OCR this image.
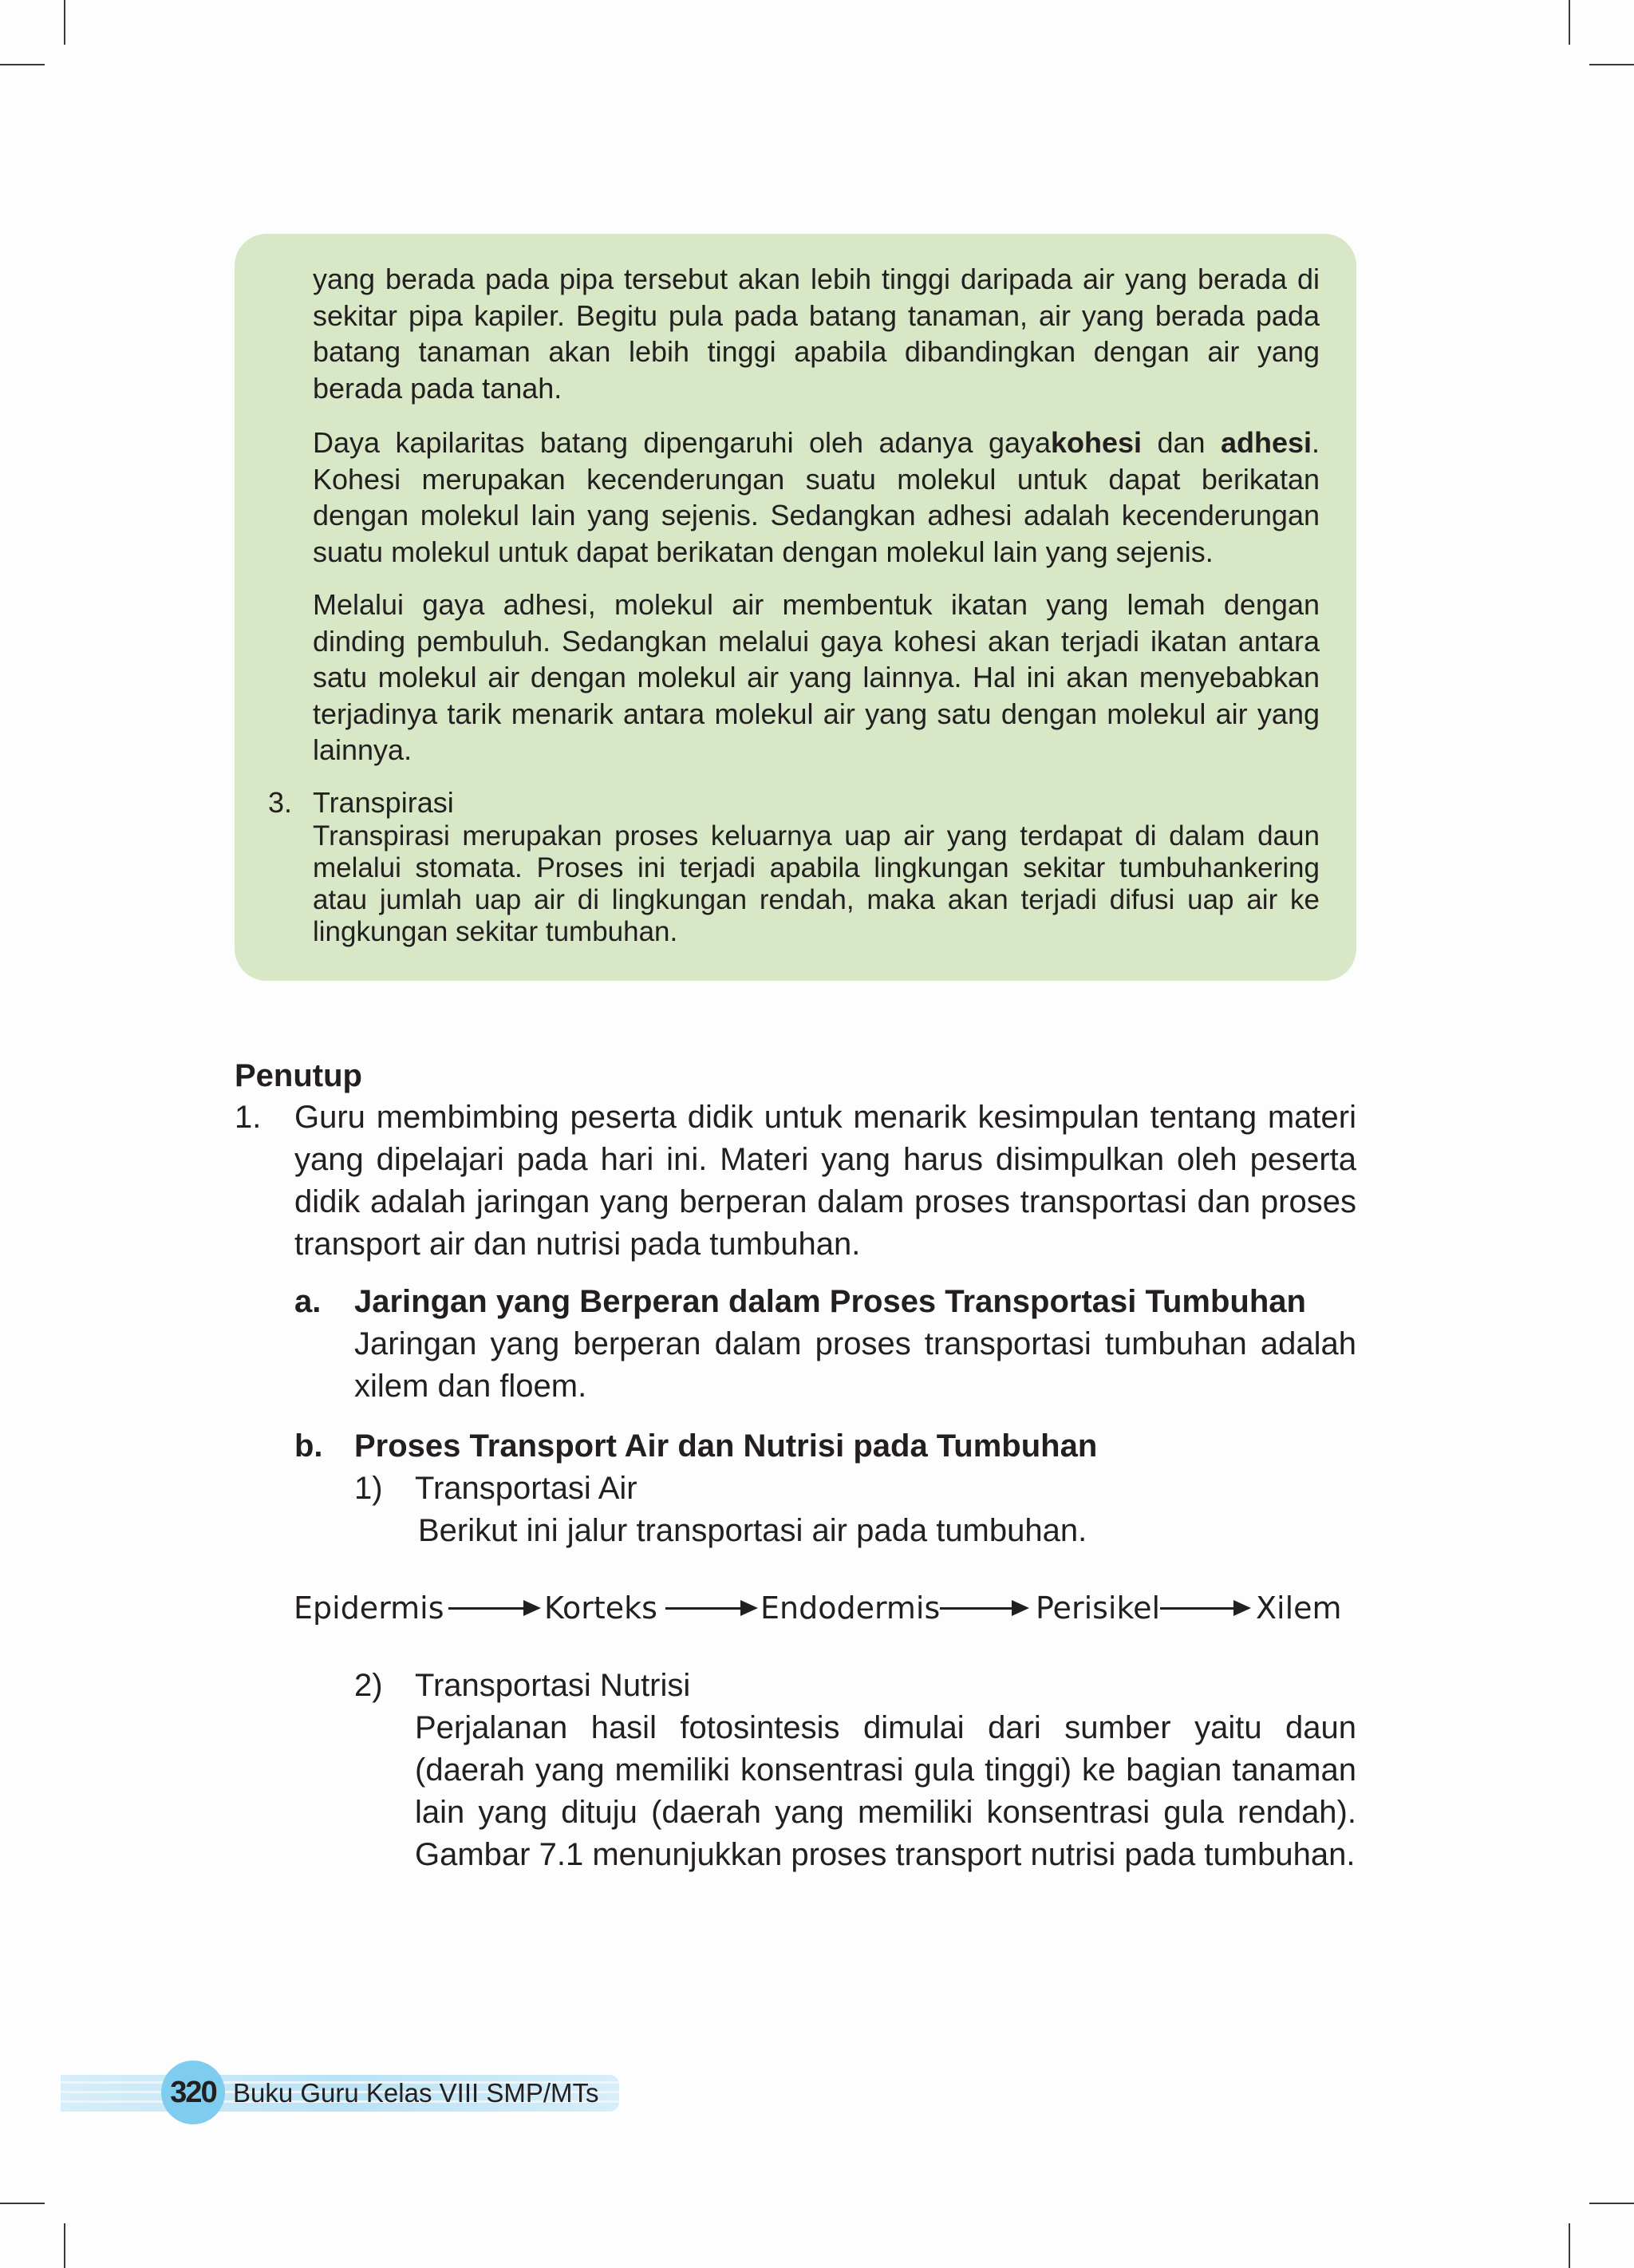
yang berada pada pipa tersebut akan lebih tinggi daripada air yang berada di sekitar pipa kapiler. Begitu pula pada batang tanaman, air yang berada pada batang tanaman akan lebih tinggi apabila dibandingkan dengan air yang berada pada tanah.

Daya kapilaritas batang dipengaruhi oleh adanya gayakohesi dan adhesi. Kohesi merupakan kecenderungan suatu molekul untuk dapat berikatan dengan molekul lain yang sejenis. Sedangkan adhesi adalah kecenderungan suatu molekul untuk dapat berikatan dengan molekul lain yang sejenis.

Melalui gaya adhesi, molekul air membentuk ikatan yang lemah dengan dinding pembuluh. Sedangkan melalui gaya kohesi akan terjadi ikatan antara satu molekul air dengan molekul air yang lainnya. Hal ini akan menyebabkan terjadinya tarik menarik antara molekul air yang satu dengan molekul air yang lainnya.

3. Transpirasi

Transpirasi merupakan proses keluarnya uap air yang terdapat di dalam daun melalui stomata. Proses ini terjadi apabila lingkungan sekitar tumbuhankering atau jumlah uap air di lingkungan rendah, maka akan terjadi difusi uap air ke lingkungan sekitar tumbuhan.

Penutup
1. Guru membimbing peserta didik untuk menarik kesimpulan tentang materi yang dipelajari pada hari ini. Materi yang harus disimpulkan oleh peserta didik adalah jaringan yang berperan dalam proses transportasi dan proses transport air dan nutrisi pada tumbuhan.

a. Jaringan yang Berperan dalam Proses Transportasi Tumbuhan

Jaringan yang berperan dalam proses transportasi tumbuhan adalah xilem dan floem.

b. Proses Transport Air dan Nutrisi pada Tumbuhan
1) Transportasi Air
Berikut ini jalur transportasi air pada tumbuhan.
Epidermis	Korteks	Endodermis	Perisikel	Xilem
2) Transportasi Nutrisi

Perjalanan hasil fotosintesis dimulai dari sumber yaitu daun (daerah yang memiliki konsentrasi gula tinggi) ke bagian tanaman lain yang dituju (daerah yang memiliki konsentrasi gula rendah). Gambar 7.1 menunjukkan proses transport nutrisi pada tumbuhan.

320 Buku Guru Kelas VIII SMP/MTs
